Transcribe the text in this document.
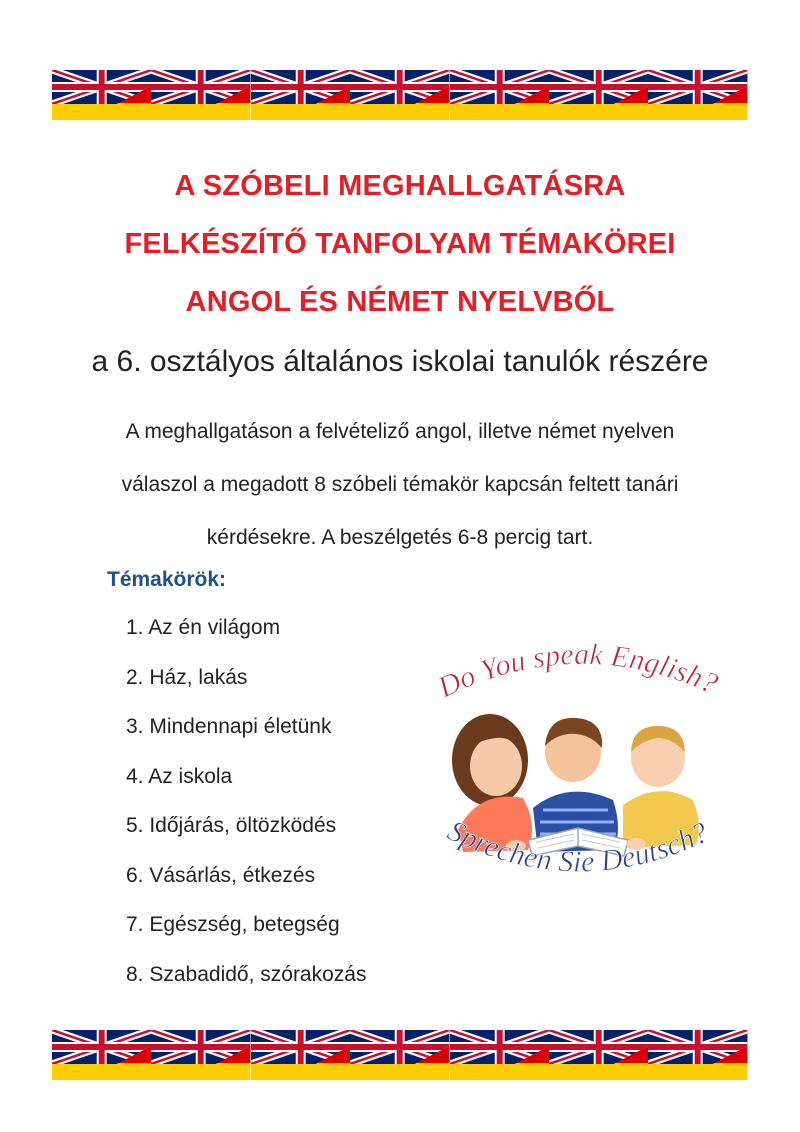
A SZÓBELI MEGHALLGATÁSRA
FELKÉSZÍTŐ TANFOLYAM TÉMAKÖREI
ANGOL ÉS NÉMET NYELVBŐL
a 6. osztályos általános iskolai tanulók részére
A meghallgatáson a felvételiző angol, illetve német nyelven
válaszol a megadott 8 szóbeli témakör kapcsán feltett tanári
kérdésekre. A beszélgetés 6-8 percig tart.
Témakörök:
1. Az én világom
2. Ház, lakás
3. Mindennapi életünk
4. Az iskola
5. Időjárás, öltözködés
6. Vásárlás, étkezés
7. Egészség, betegség
8. Szabadidő, szórakozás
Do You speak English?
Sprechen Sie Deutsch?
